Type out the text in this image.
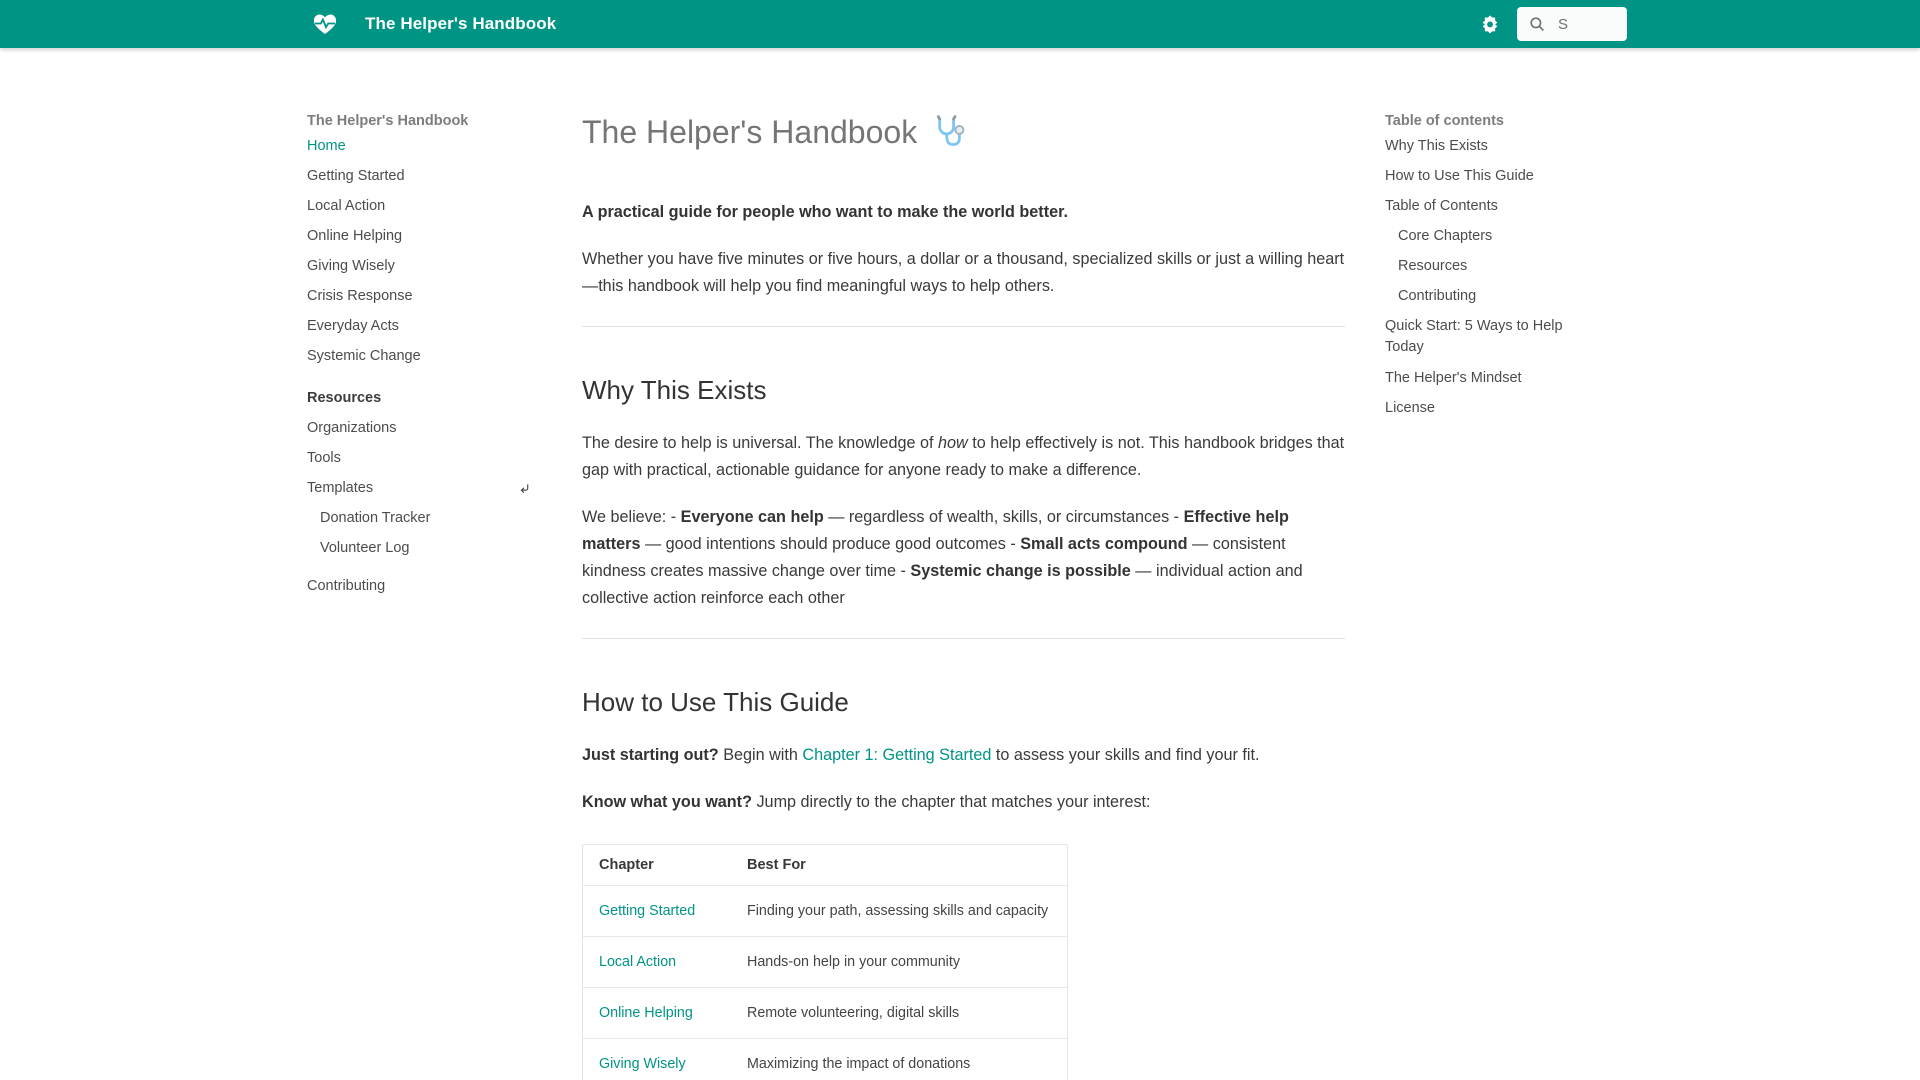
The Helper's Handbook
S
The Helper's Handbook
Home
Getting Started
Local Action
Online Helping
Giving Wisely
Crisis Response
Everyday Acts
Systemic Change
Resources
Organizations
Tools
Templates
Donation Tracker
Volunteer Log
Contributing
The Helper's Handbook

A practical guide for people who want to make the world better.

Whether you have five minutes or five hours, a dollar or a thousand, specialized skills or just a willing heart—this handbook will help you find meaningful ways to help others.

Why This Exists

The desire to help is universal. The knowledge of how to help effectively is not. This handbook bridges that gap with practical, actionable guidance for anyone ready to make a difference.

We believe: - Everyone can help — regardless of wealth, skills, or circumstances - Effective help matters — good intentions should produce good outcomes - Small acts compound — consistent kindness creates massive change over time - Systemic change is possible — individual action and collective action reinforce each other

How to Use This Guide

Just starting out? Begin with Chapter 1: Getting Started to assess your skills and find your fit.

Know what you want? Jump directly to the chapter that matches your interest:

Chapter	Best For
Getting Started	Finding your path, assessing skills and capacity
Local Action	Hands-on help in your community
Online Helping	Remote volunteering, digital skills
Giving Wisely	Maximizing the impact of donations
Table of contents
Why This Exists
How to Use This Guide
Table of Contents
Core Chapters
Resources
Contributing
Quick Start: 5 Ways to Help Today
The Helper's Mindset
License
